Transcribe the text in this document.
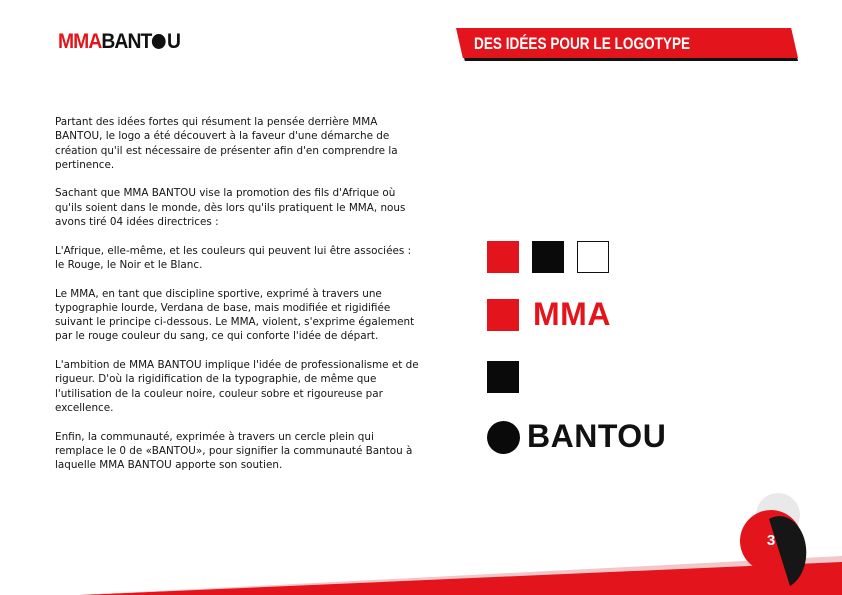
MMABANT U	DES IDÉES POUR LE LOGOTYPE

Partant des idées fortes qui résument la pensée derrière MMA BANTOU, le logo a été découvert à la faveur d'une démarche de création qu'il est nécessaire de présenter afin d'en comprendre la pertinence.

Sachant que MMA BANTOU vise la promotion des fils d'Afrique où qu'ils soient dans le monde, dès lors qu'ils pratiquent le MMA, nous avons tiré 04 idées directrices :

L'Afrique, elle-même, et les couleurs qui peuvent lui être associées : le Rouge, le Noir et le Blanc.

Le MMA, en tant que discipline sportive, exprimé à travers une typographie lourde, Verdana de base, mais modifiée et rigidifiée suivant le principe ci-dessous. Le MMA, violent, s'exprime également par le rouge couleur du sang, ce qui conforte l'idée de départ.

L'ambition de MMA BANTOU implique l'idée de professionalisme et de rigueur. D'où la rigidification de la typographie, de même que l'utilisation de la couleur noire, couleur sobre et rigoureuse par excellence.

Enfin, la communauté, exprimée à travers un cercle plein qui remplace le 0 de «BANTOU», pour signifier la communauté Bantou à laquelle MMA BANTOU apporte son soutien.

MMA
BANTOU
3
